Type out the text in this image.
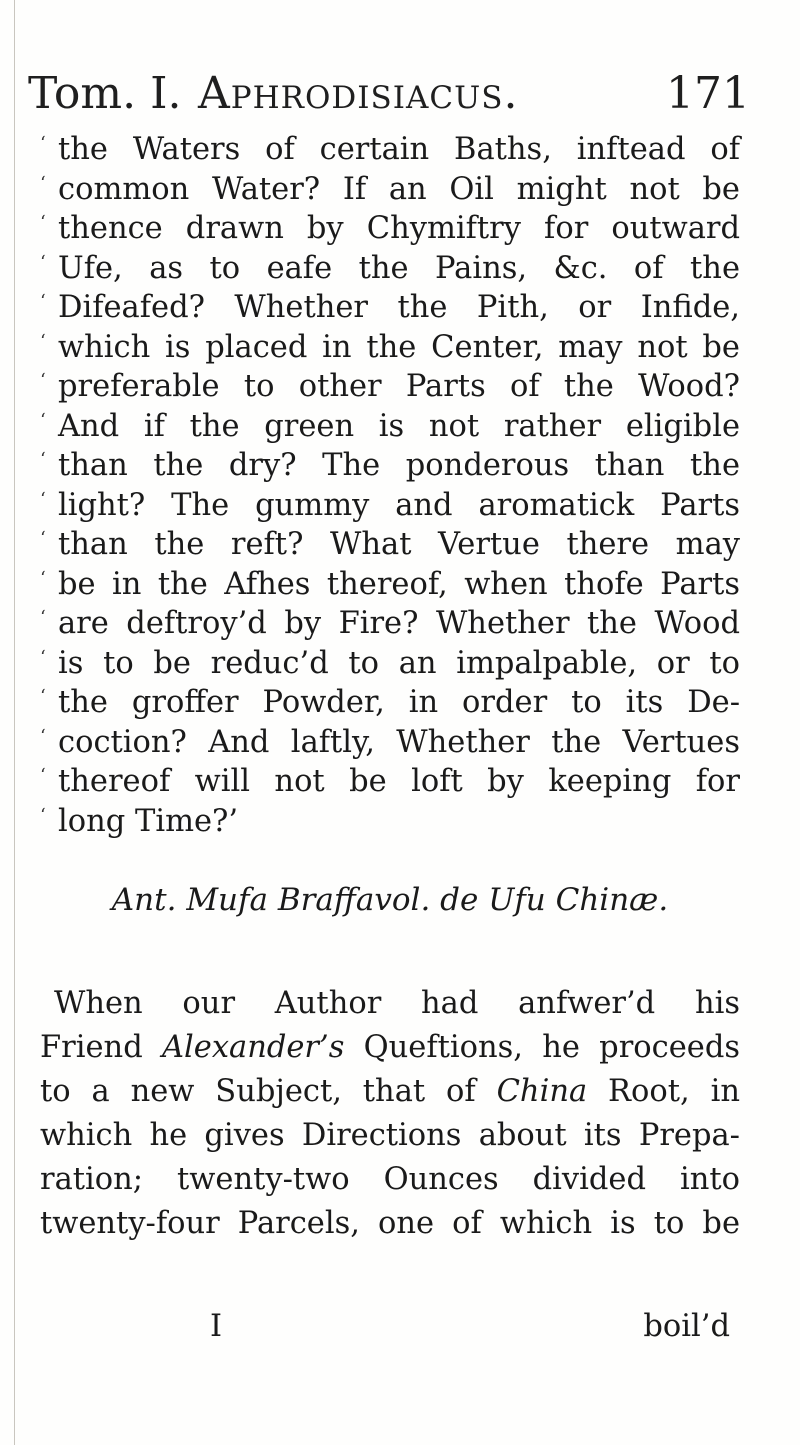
Tom. I. Aphrodisiacus.	171
‘ the Waters of certain Baths, inftead of
‘ common Water? If an Oil might not be
‘ thence drawn by Chymiftry for outward
‘ Ufe, as to eafe the Pains, &c. of the
‘ Difeafed? Whether the Pith, or Infide,
‘ which is placed in the Center, may not be
‘ preferable to other Parts of the Wood?
‘ And if the green is not rather eligible
‘ than the dry? The ponderous than the
‘ light? The gummy and aromatick Parts
‘ than the reft? What Vertue there may
‘ be in the Afhes thereof, when thofe Parts
‘ are deftroy’d by Fire? Whether the Wood
‘ is to be reduc’d to an impalpable, or to
‘ the groffer Powder, in order to its De-
‘ coction? And laftly, Whether the Vertues
‘ thereof will not be loft by keeping for
‘ long Time?’
Ant. Mufa Braffavol. de Ufu Chinæ.
When our Author had anfwer’d his
Friend Alexander’s Queftions, he proceeds
to a new Subject, that of China Root, in
which he gives Directions about its Prepa-
ration; twenty-two Ounces divided into
twenty-four Parcels, one of which is to be
I	boil’d
